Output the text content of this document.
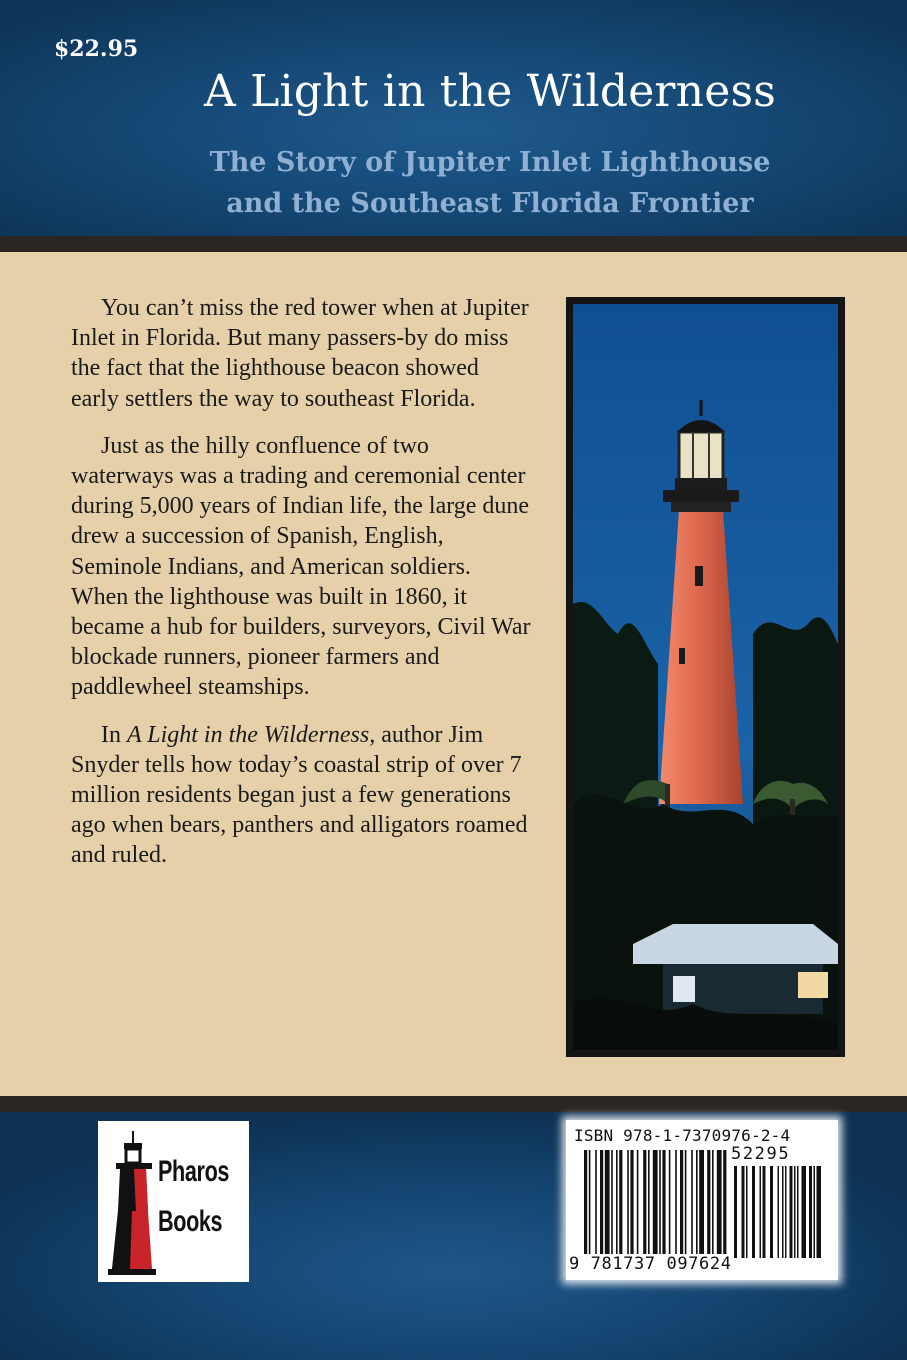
$22.95
A Light in the Wilderness
The Story of Jupiter Inlet Lighthouse
and the Southeast Florida Frontier

You can’t miss the red tower when at Jupiter Inlet in Florida. But many passers-by do miss the fact that the lighthouse beacon showed early settlers the way to southeast Florida.

Just as the hilly confluence of two waterways was a trading and ceremonial center during 5,000 years of Indian life, the large dune drew a succession of Spanish, English, Seminole Indians, and American soldiers. When the lighthouse was built in 1860, it became a hub for builders, surveyors, Civil War blockade runners, pioneer farmers and paddlewheel steamships.

In A Light in the Wilderness, author Jim Snyder tells how today’s coastal strip of over 7 million residents began just a few generations ago when bears, panthers and alligators roamed and ruled.

Pharos
Books
ISBN 978-1-7370976-2-4
52295
9 781737 097624
